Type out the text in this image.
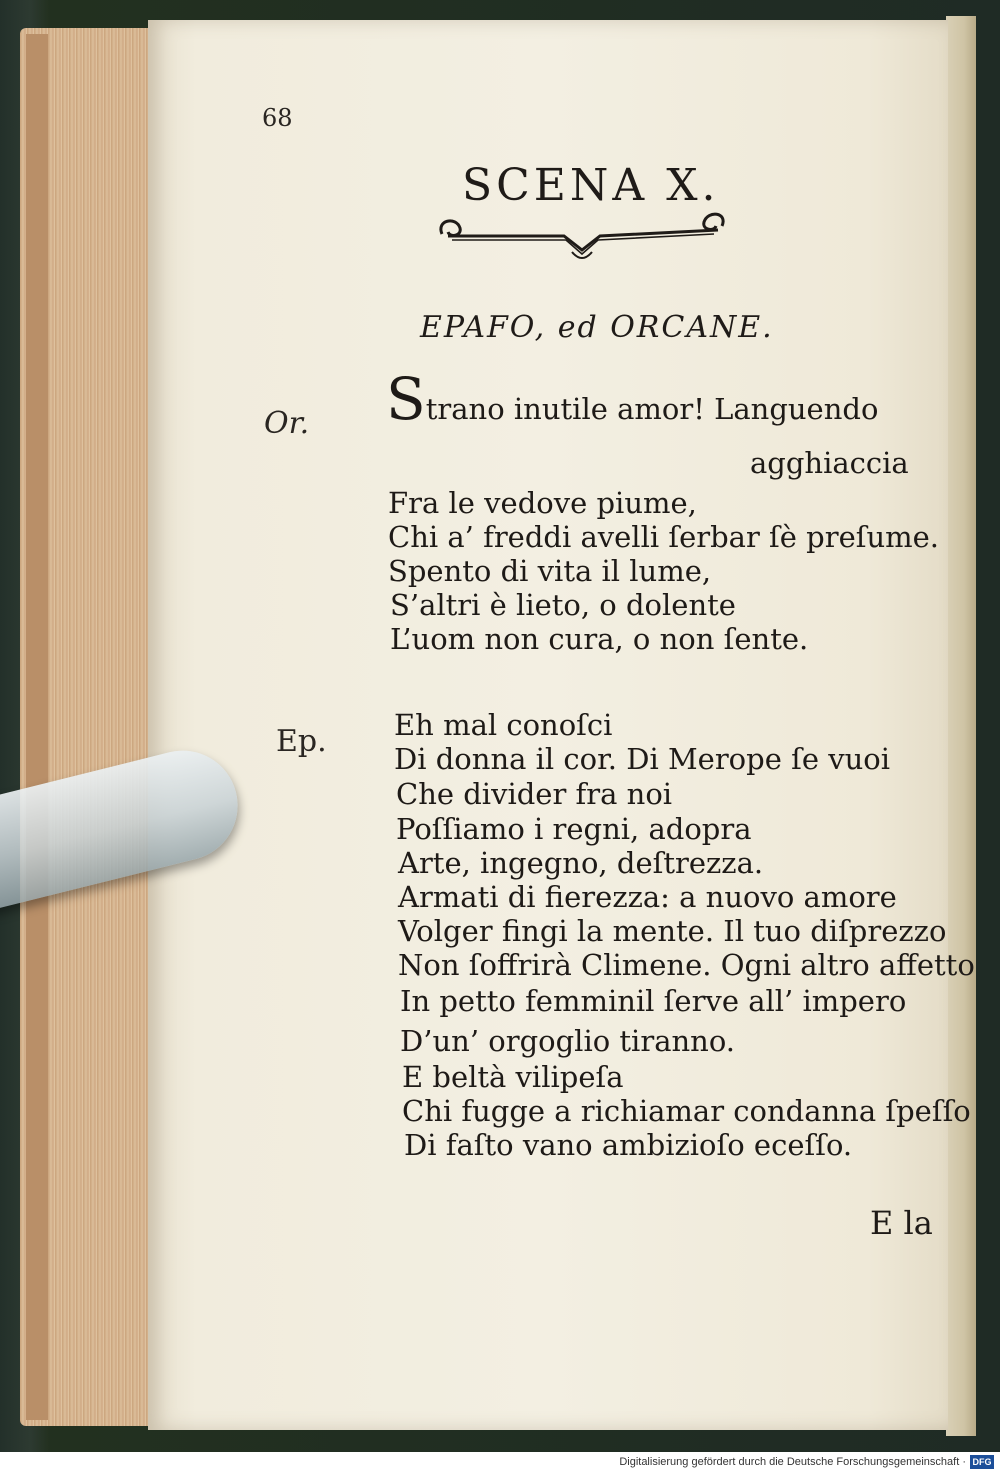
68
SCENA X.
EPAFO, ed ORCANE.
Or. Strano inutile amor! Languendo
agghiaccia
Fra le vedove piume,
Chi a’ freddi avelli ſerbar ſè preſume.
Spento di vita il lume,
S’altri è lieto, o dolente
L’uom non cura, o non ſente.
Ep. Eh mal conoſci
Di donna il cor. Di Merope ſe vuoi
Che divider fra noi
Poſſiamo i regni, adopra
Arte, ingegno, deſtrezza.
Armati di fierezza: a nuovo amore
Volger fingi la mente. Il tuo diſprezzo
Non ſoffrirà Climene. Ogni altro affetto
In petto femminil ſerve all’ impero
D’un’ orgoglio tiranno.
E beltà vilipeſa
Chi fugge a richiamar condanna ſpeſſo
Di faſto vano ambizioſo eceſſo.
E la
Digitalisierung gefördert durch die Deutsche Forschungsgemeinschaft · DFG
